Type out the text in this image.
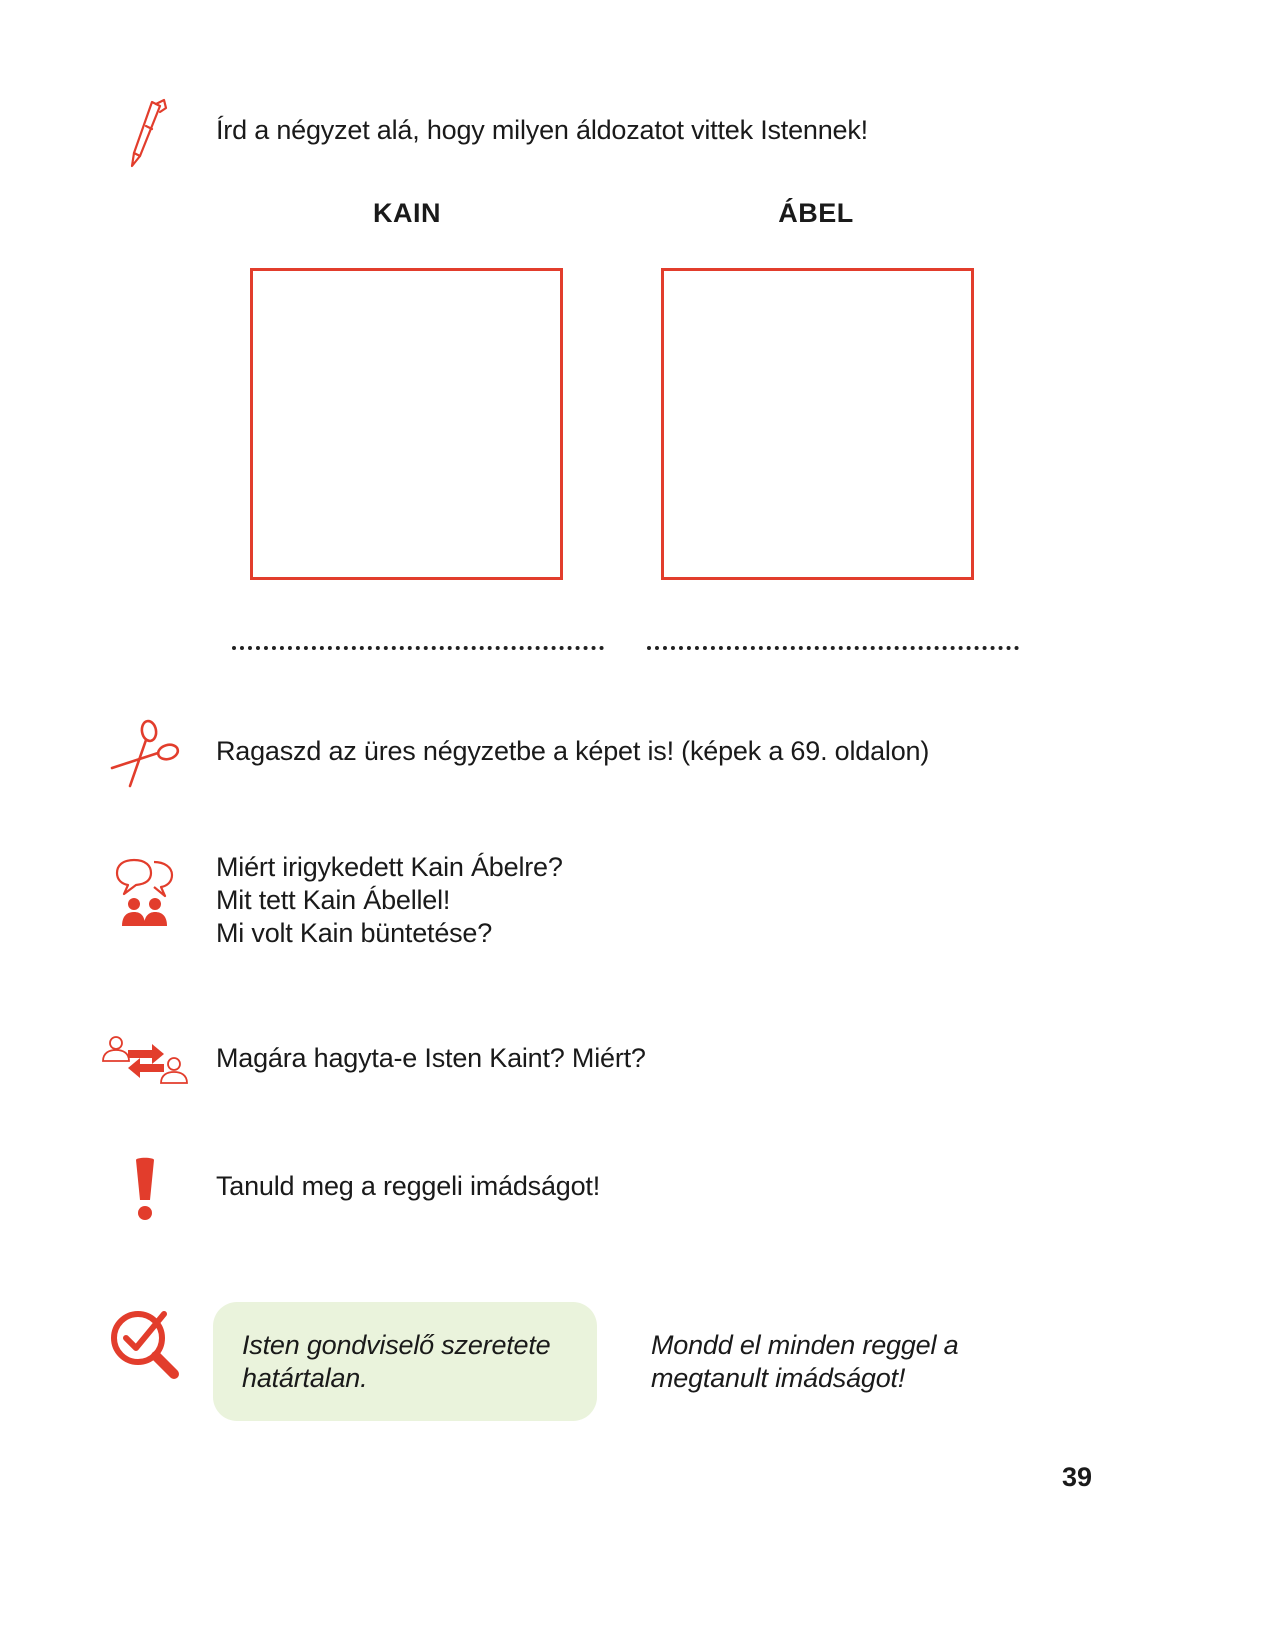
Írd a négyzet alá, hogy milyen áldozatot vittek Istennek!
KAIN	ÁBEL
Ragaszd az üres négyzetbe a képet is! (képek a 69. oldalon)
Miért irigykedett Kain Ábelre?
Mit tett Kain Ábellel!
Mi volt Kain büntetése?
Magára hagyta-e Isten Kaint? Miért?
Tanuld meg a reggeli imádságot!
Isten gondviselő szeretete
határtalan.
Mondd el minden reggel a
megtanult imádságot!
39
